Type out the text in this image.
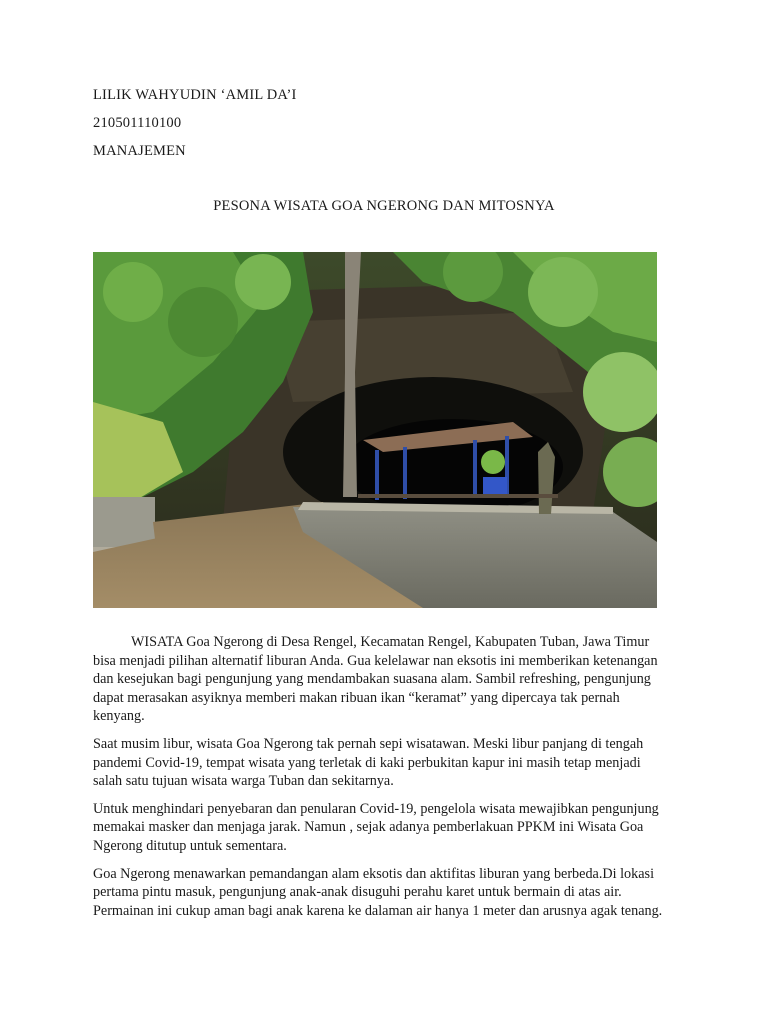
LILIK WAHYUDIN ‘AMIL DA’I
210501110100
MANAJEMEN
PESONA WISATA GOA NGERONG DAN MITOSNYA

WISATA Goa Ngerong di Desa Rengel, Kecamatan Rengel, Kabupaten Tuban, Jawa Timur bisa menjadi pilihan alternatif liburan Anda. Gua kelelawar nan eksotis ini memberikan ketenangan dan kesejukan bagi pengunjung yang mendambakan suasana alam. Sambil refreshing, pengunjung dapat merasakan asyiknya memberi makan ribuan ikan “keramat” yang dipercaya tak pernah kenyang.

Saat musim libur, wisata Goa Ngerong tak pernah sepi wisatawan. Meski libur panjang di tengah pandemi Covid-19, tempat wisata yang terletak di kaki perbukitan kapur ini masih tetap menjadi salah satu tujuan wisata warga Tuban dan sekitarnya.

Untuk menghindari penyebaran dan penularan Covid-19, pengelola wisata mewajibkan pengunjung memakai masker dan menjaga jarak. Namun , sejak adanya pemberlakuan PPKM ini Wisata Goa Ngerong ditutup untuk sementara.

Goa Ngerong menawarkan pemandangan alam eksotis dan aktifitas liburan yang berbeda.Di lokasi pertama pintu masuk, pengunjung anak-anak disuguhi perahu karet untuk bermain di atas air. Permainan ini cukup aman bagi anak karena ke dalaman air hanya 1 meter dan arusnya agak tenang.
